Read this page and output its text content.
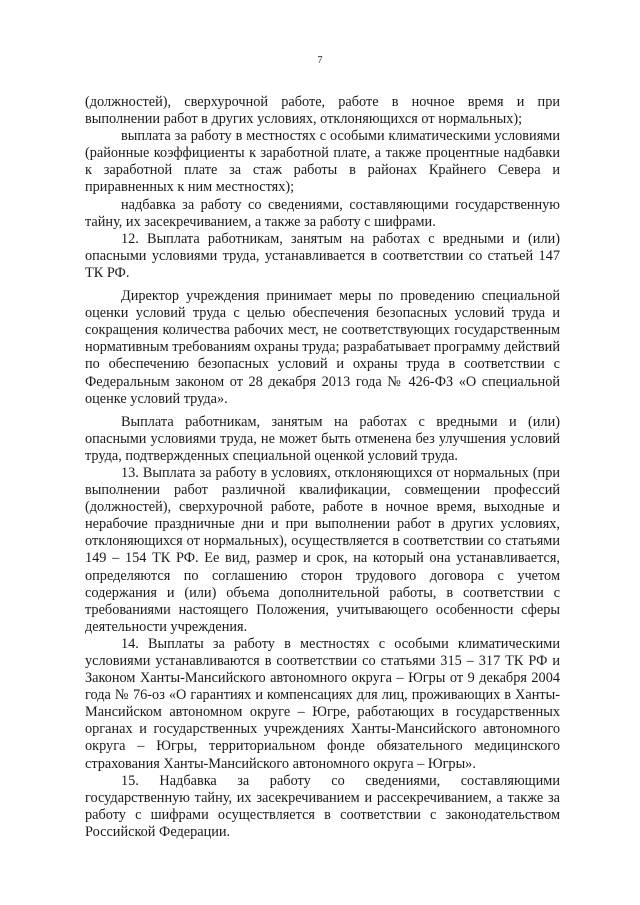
7

(должностей), сверхурочной работе, работе в ночное время и при выполнении работ в других условиях, отклоняющихся от нормальных);

выплата за работу в местностях с особыми климатическими условиями (районные коэффициенты к заработной плате, а также процентные надбавки к заработной плате за стаж работы в районах Крайнего Севера и приравненных к ним местностях);

надбавка за работу со сведениями, составляющими государственную тайну, их засекречиванием, а также за работу с шифрами.

12. Выплата работникам, занятым на работах с вредными и (или) опасными условиями труда, устанавливается в соответствии со статьей 147 ТК РФ.

Директор учреждения принимает меры по проведению специальной оценки условий труда с целью обеспечения безопасных условий труда и сокращения количества рабочих мест, не соответствующих государственным нормативным требованиям охраны труда; разрабатывает программу действий по обеспечению безопасных условий и охраны труда в соответствии с Федеральным законом от 28 декабря 2013 года № 426-ФЗ «О специальной оценке условий труда».

Выплата работникам, занятым на работах с вредными и (или) опасными условиями труда, не может быть отменена без улучшения условий труда, подтвержденных специальной оценкой условий труда.

13. Выплата за работу в условиях, отклоняющихся от нормальных (при выполнении работ различной квалификации, совмещении профессий (должностей), сверхурочной работе, работе в ночное время, выходные и нерабочие праздничные дни и при выполнении работ в других условиях, отклоняющихся от нормальных), осуществляется в соответствии со статьями 149 – 154 ТК РФ. Ее вид, размер и срок, на который она устанавливается, определяются по соглашению сторон трудового договора с учетом содержания и (или) объема дополнительной работы, в соответствии с требованиями настоящего Положения, учитывающего особенности сферы деятельности учреждения.

14. Выплаты за работу в местностях с особыми климатическими условиями устанавливаются в соответствии со статьями 315 – 317 ТК РФ и Законом Ханты-Мансийского автономного округа – Югры от 9 декабря 2004 года № 76-оз «О гарантиях и компенсациях для лиц, проживающих в Ханты-Мансийском автономном округе – Югре, работающих в государственных органах и государственных учреждениях Ханты-Мансийского автономного округа – Югры, территориальном фонде обязательного медицинского страхования Ханты-Мансийского автономного округа – Югры».

15. Надбавка за работу со сведениями, составляющими государственную тайну, их засекречиванием и рассекречиванием, а также за работу с шифрами осуществляется в соответствии с законодательством Российской Федерации.
